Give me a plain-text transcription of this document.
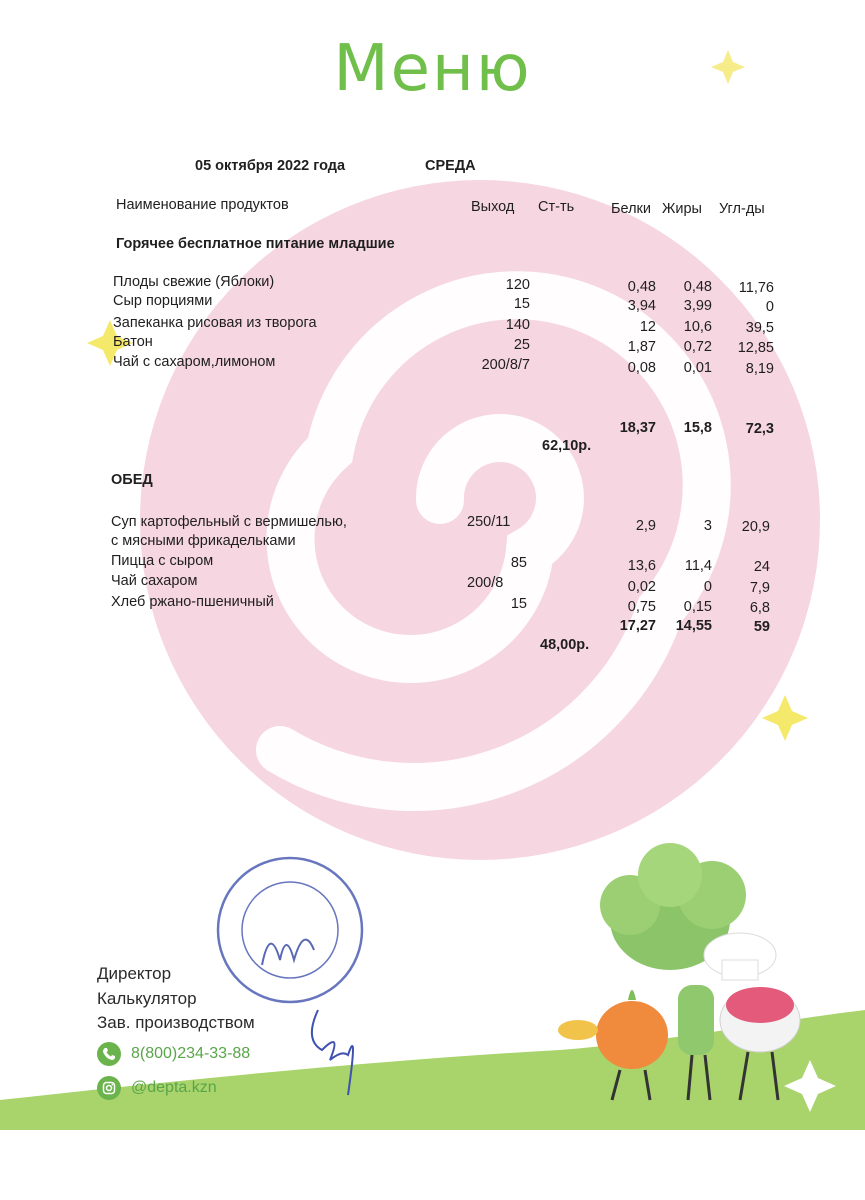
Меню
05 октября 2022 года	СРЕДА
Наименование продуктов	Выход Ст-ть	Белки Жиры Угл-ды
Горячее бесплатное питание младшие
Плоды свежие (Яблоки)	120	0,48	0,48	11,76
Сыр порциями	15	3,94	3,99	0
Запеканка рисовая из творога	140	12	10,6	39,5
Батон	25	1,87	0,72	12,85
Чай с сахаром,лимоном	200/8/7	0,08	0,01	8,19
18,37	15,8	72,3
62,10р.
ОБЕД
Суп картофельный с вермишелью,
с мясными фрикадельками
250/11	2,9	3	20,9
Пицца с сыром	85	13,6	11,4	24
Чай сахаром	200/8	0,02	0	7,9
Хлеб ржано-пшеничный	15	0,75	0,15	6,8
17,27	14,55	59
48,00р.
Директор
Калькулятор
Зав. производством
8(800)234-33-88
@depta.kzn
